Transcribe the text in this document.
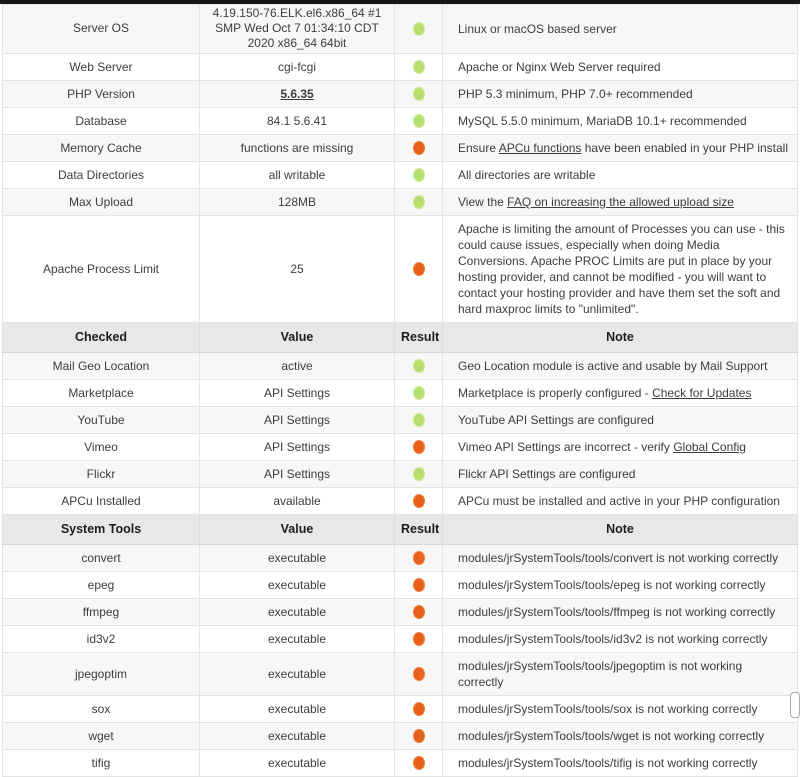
Server OS	4.19.150-76.ELK.el6.x86_64 #1 SMP Wed Oct 7 01:34:10 CDT 2020 x86_64 64bit		Linux or macOS based server
Web Server	cgi-fcgi		Apache or Nginx Web Server required
PHP Version	5.6.35		PHP 5.3 minimum, PHP 7.0+ recommended
Database	84.1 5.6.41		MySQL 5.5.0 minimum, MariaDB 10.1+ recommended
Memory Cache	functions are missing		Ensure APCu functions have been enabled in your PHP install
Data Directories	all writable		All directories are writable
Max Upload	128MB		View the FAQ on increasing the allowed upload size
Apache Process Limit	25		Apache is limiting the amount of Processes you can use - this could cause issues, especially when doing Media Conversions. Apache PROC Limits are put in place by your hosting provider, and cannot be modified - you will want to contact your hosting provider and have them set the soft and hard maxproc limits to "unlimited".
Checked	Value	Result	Note
Mail Geo Location	active		Geo Location module is active and usable by Mail Support
Marketplace	API Settings		Marketplace is properly configured - Check for Updates
YouTube	API Settings		YouTube API Settings are configured
Vimeo	API Settings		Vimeo API Settings are incorrect - verify Global Config
Flickr	API Settings		Flickr API Settings are configured
APCu Installed	available		APCu must be installed and active in your PHP configuration
System Tools	Value	Result	Note
convert	executable		modules/jrSystemTools/tools/convert is not working correctly
epeg	executable		modules/jrSystemTools/tools/epeg is not working correctly
ffmpeg	executable		modules/jrSystemTools/tools/ffmpeg is not working correctly
id3v2	executable		modules/jrSystemTools/tools/id3v2 is not working correctly
jpegoptim	executable		modules/jrSystemTools/tools/jpegoptim is not working correctly
sox	executable		modules/jrSystemTools/tools/sox is not working correctly
wget	executable		modules/jrSystemTools/tools/wget is not working correctly
tifig	executable		modules/jrSystemTools/tools/tifig is not working correctly
